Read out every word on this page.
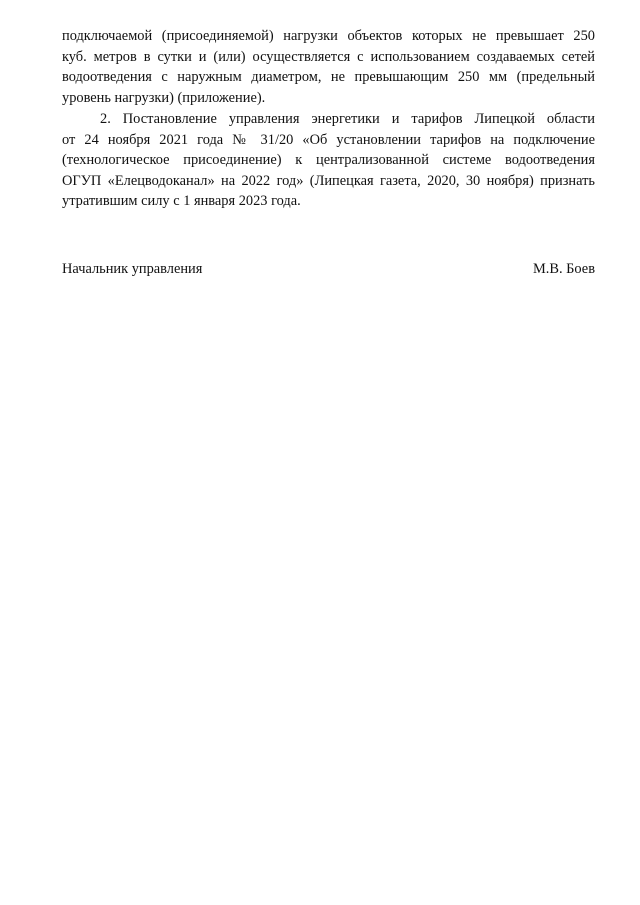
подключаемой (присоединяемой) нагрузки объектов которых не превышает 250
куб. метров в сутки и (или) осуществляется с использованием создаваемых сетей
водоотведения с наружным диаметром, не превышающим 250 мм (предельный
уровень нагрузки) (приложение).

2. Постановление управления энергетики и тарифов Липецкой области
от 24 ноября 2021 года № 31/20 «Об установлении тарифов на подключение
(технологическое присоединение) к централизованной системе водоотведения
ОГУП «Елецводоканал» на 2022 год» (Липецкая газета, 2020, 30 ноября) признать
утратившим силу с 1 января 2023 года.

Начальник управления	М.В. Боев
